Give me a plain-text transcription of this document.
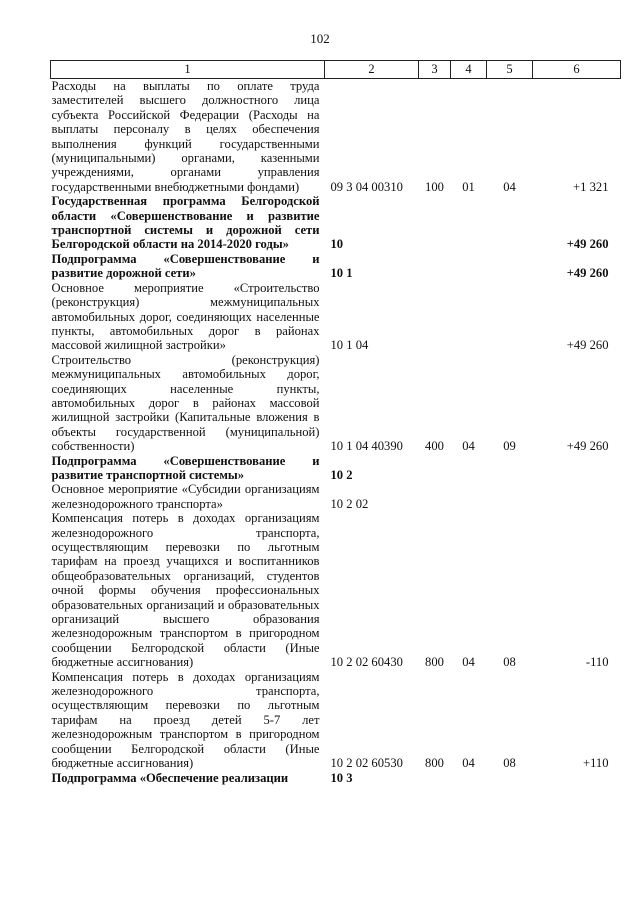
102
1	2	3	4	5	6
Расходы на выплаты по оплате труда заместителей высшего должностного лица субъекта Российской Федерации (Расходы на выплаты персоналу в целях обеспечения выполнения функций государственными (муниципальными) органами, казенными учреждениями, органами управления государственными внебюджетными фондами)	09 3 04 00310	100	01	04	+1 321
Государственная программа Белгородской области «Совершенствование и развитие транспортной системы и дорожной сети Белгородской области на 2014-2020 годы»	10				+49 260
Подпрограмма «Совершенствование и развитие дорожной сети»	10 1				+49 260
Основное мероприятие «Строительство (реконструкция) межмуниципальных автомобильных дорог, соединяющих населенные пункты, автомобильных дорог в районах массовой жилищной застройки»	10 1 04				+49 260
Строительство (реконструкция) межмуниципальных автомобильных дорог, соединяющих населенные пункты, автомобильных дорог в районах массовой жилищной застройки (Капитальные вложения в объекты государственной (муниципальной) собственности)	10 1 04 40390	400	04	09	+49 260
Подпрограмма «Совершенствование и развитие транспортной системы»	10 2				
Основное мероприятие «Субсидии организациям железнодорожного транспорта»	10 2 02				
Компенсация потерь в доходах организациям железнодорожного транспорта, осуществляющим перевозки по льготным тарифам на проезд учащихся и воспитанников общеобразовательных организаций, студентов очной формы обучения профессиональных образовательных организаций и образовательных организаций высшего образования железнодорожным транспортом в пригородном сообщении Белгородской области (Иные бюджетные ассигнования)	10 2 02 60430	800	04	08	-110
Компенсация потерь в доходах организациям железнодорожного транспорта, осуществляющим перевозки по льготным тарифам на проезд детей 5-7 лет железнодорожным транспортом в пригородном сообщении Белгородской области (Иные бюджетные ассигнования)	10 2 02 60530	800	04	08	+110
Подпрограмма «Обеспечение реализации	10 3				
